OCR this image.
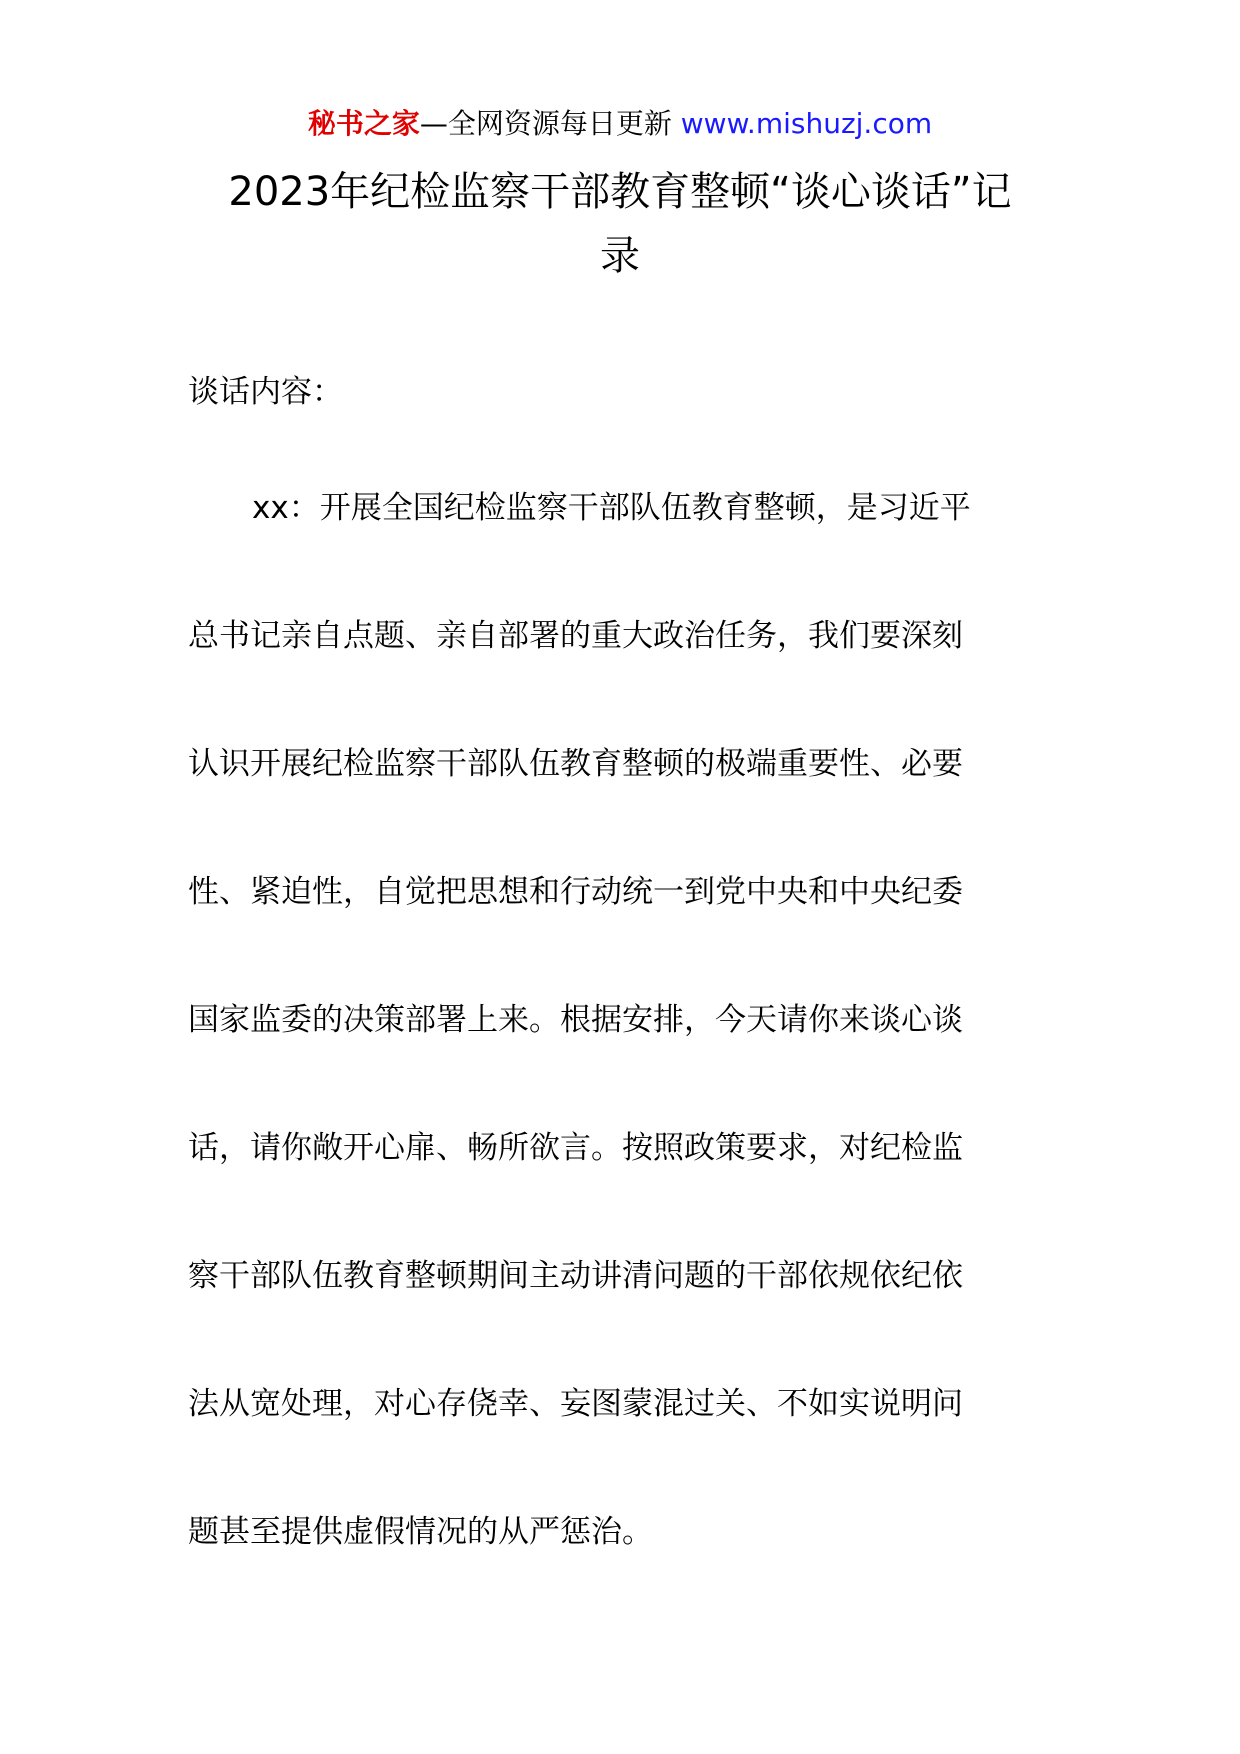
秘书之家—全网资源每日更新 www.mishuzj.com
2023年纪检监察干部教育整顿“谈心谈话”记录

谈话内容：

xx：开展全国纪检监察干部队伍教育整顿，是习近平

总书记亲自点题、亲自部署的重大政治任务，我们要深刻

认识开展纪检监察干部队伍教育整顿的极端重要性、必要

性、紧迫性，自觉把思想和行动统一到党中央和中央纪委

国家监委的决策部署上来。根据安排，今天请你来谈心谈

话，请你敞开心扉、畅所欲言。按照政策要求，对纪检监

察干部队伍教育整顿期间主动讲清问题的干部依规依纪依

法从宽处理，对心存侥幸、妄图蒙混过关、不如实说明问

题甚至提供虚假情况的从严惩治。
